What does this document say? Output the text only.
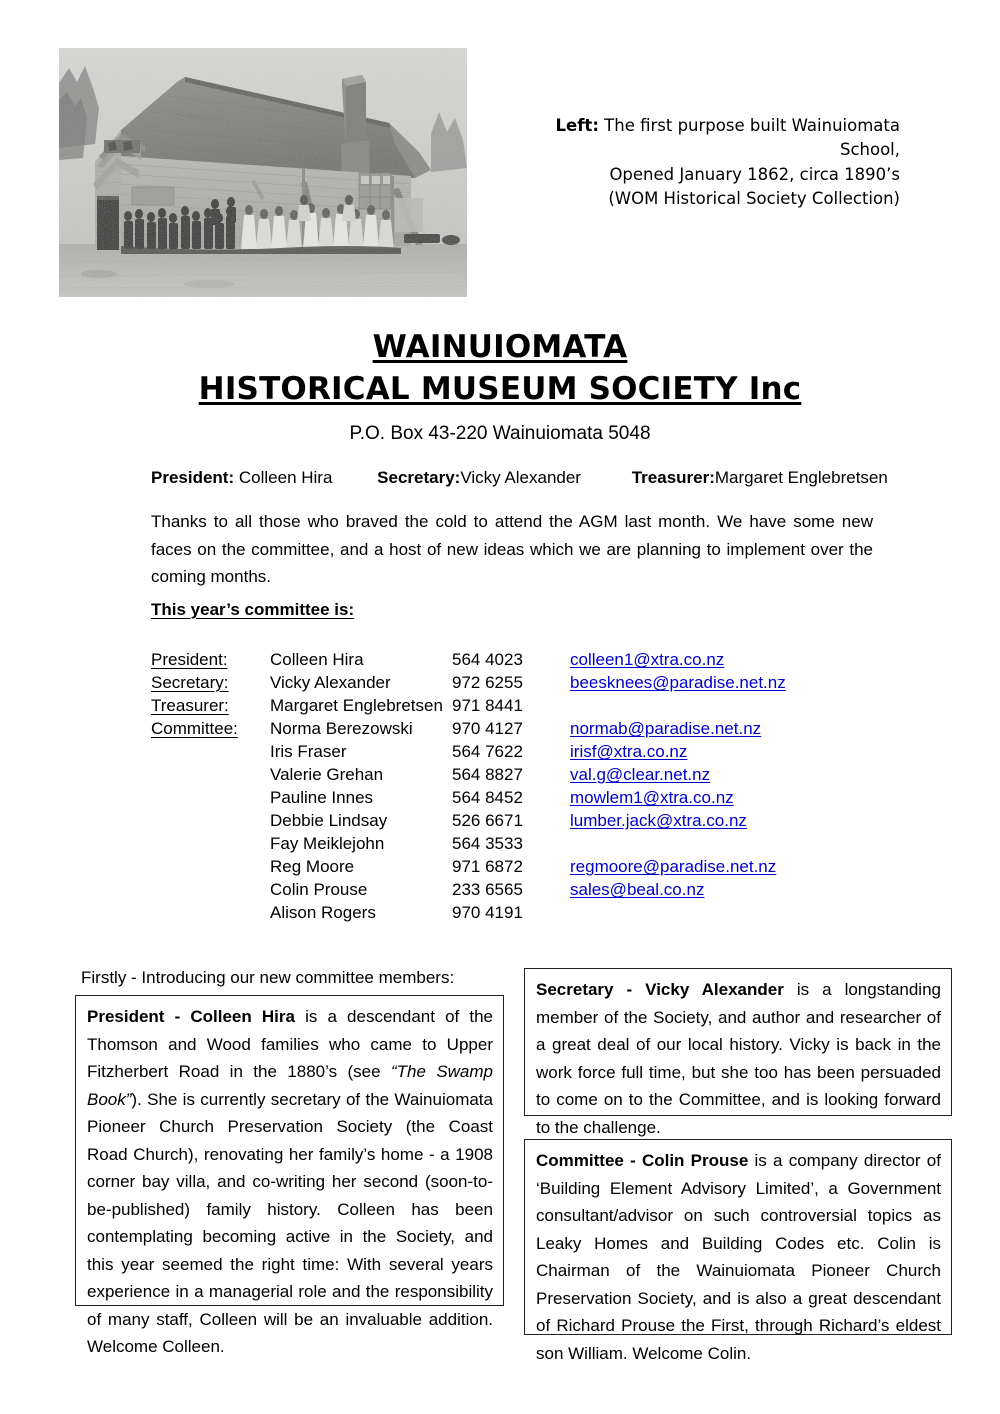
Left: The first purpose built Wainuiomata School,
Opened January 1862, circa 1890’s
(WOM Historical Society Collection)
WAINUIOMATA
HISTORICAL MUSEUM SOCIETY Inc
P.O. Box 43-220 Wainuiomata 5048
President: Colleen Hira	Secretary:Vicky Alexander	Treasurer:Margaret Englebretsen
Thanks to all those who braved the cold to attend the AGM last month. We have some new faces on the committee, and a host of new ideas which we are planning to implement over the coming months.
This year’s committee is:
President:	Colleen Hira	564 4023	colleen1@xtra.co.nz
Secretary:	Vicky Alexander	972 6255	beesknees@paradise.net.nz
Treasurer:	Margaret Englebretsen	971 8441	
Committee:	Norma Berezowski	970 4127	normab@paradise.net.nz
	Iris Fraser	564 7622	irisf@xtra.co.nz
	Valerie Grehan	564 8827	val.g@clear.net.nz
	Pauline Innes	564 8452	mowlem1@xtra.co.nz
	Debbie Lindsay	526 6671	lumber.jack@xtra.co.nz
	Fay Meiklejohn	564 3533	
	Reg Moore	971 6872	regmoore@paradise.net.nz
	Colin Prouse	233 6565	sales@beal.co.nz
	Alison Rogers	970 4191	
Firstly - Introducing our new committee members:
President - Colleen Hira is a descendant of the Thomson and Wood families who came to Upper Fitzherbert Road in the 1880’s (see “The Swamp Book”). She is currently secretary of the Wainuiomata Pioneer Church Preservation Society (the Coast Road Church), renovating her family’s home - a 1908 corner bay villa, and co-writing her second (soon-to-be-published) family history. Colleen has been contemplating becoming active in the Society, and this year seemed the right time: With several years experience in a managerial role and the responsibility of many staff, Colleen will be an invaluable addition. Welcome Colleen.
Secretary - Vicky Alexander is a longstanding member of the Society, and author and researcher of a great deal of our local history. Vicky is back in the work force full time, but she too has been persuaded to come on to the Committee, and is looking forward to the challenge.
Committee - Colin Prouse is a company director of ‘Building Element Advisory Limited’, a Government consultant/advisor on such controversial topics as Leaky Homes and Building Codes etc. Colin is Chairman of the Wainuiomata Pioneer Church Preservation Society, and is also a great descendant of Richard Prouse the First, through Richard’s eldest son William. Welcome Colin.
